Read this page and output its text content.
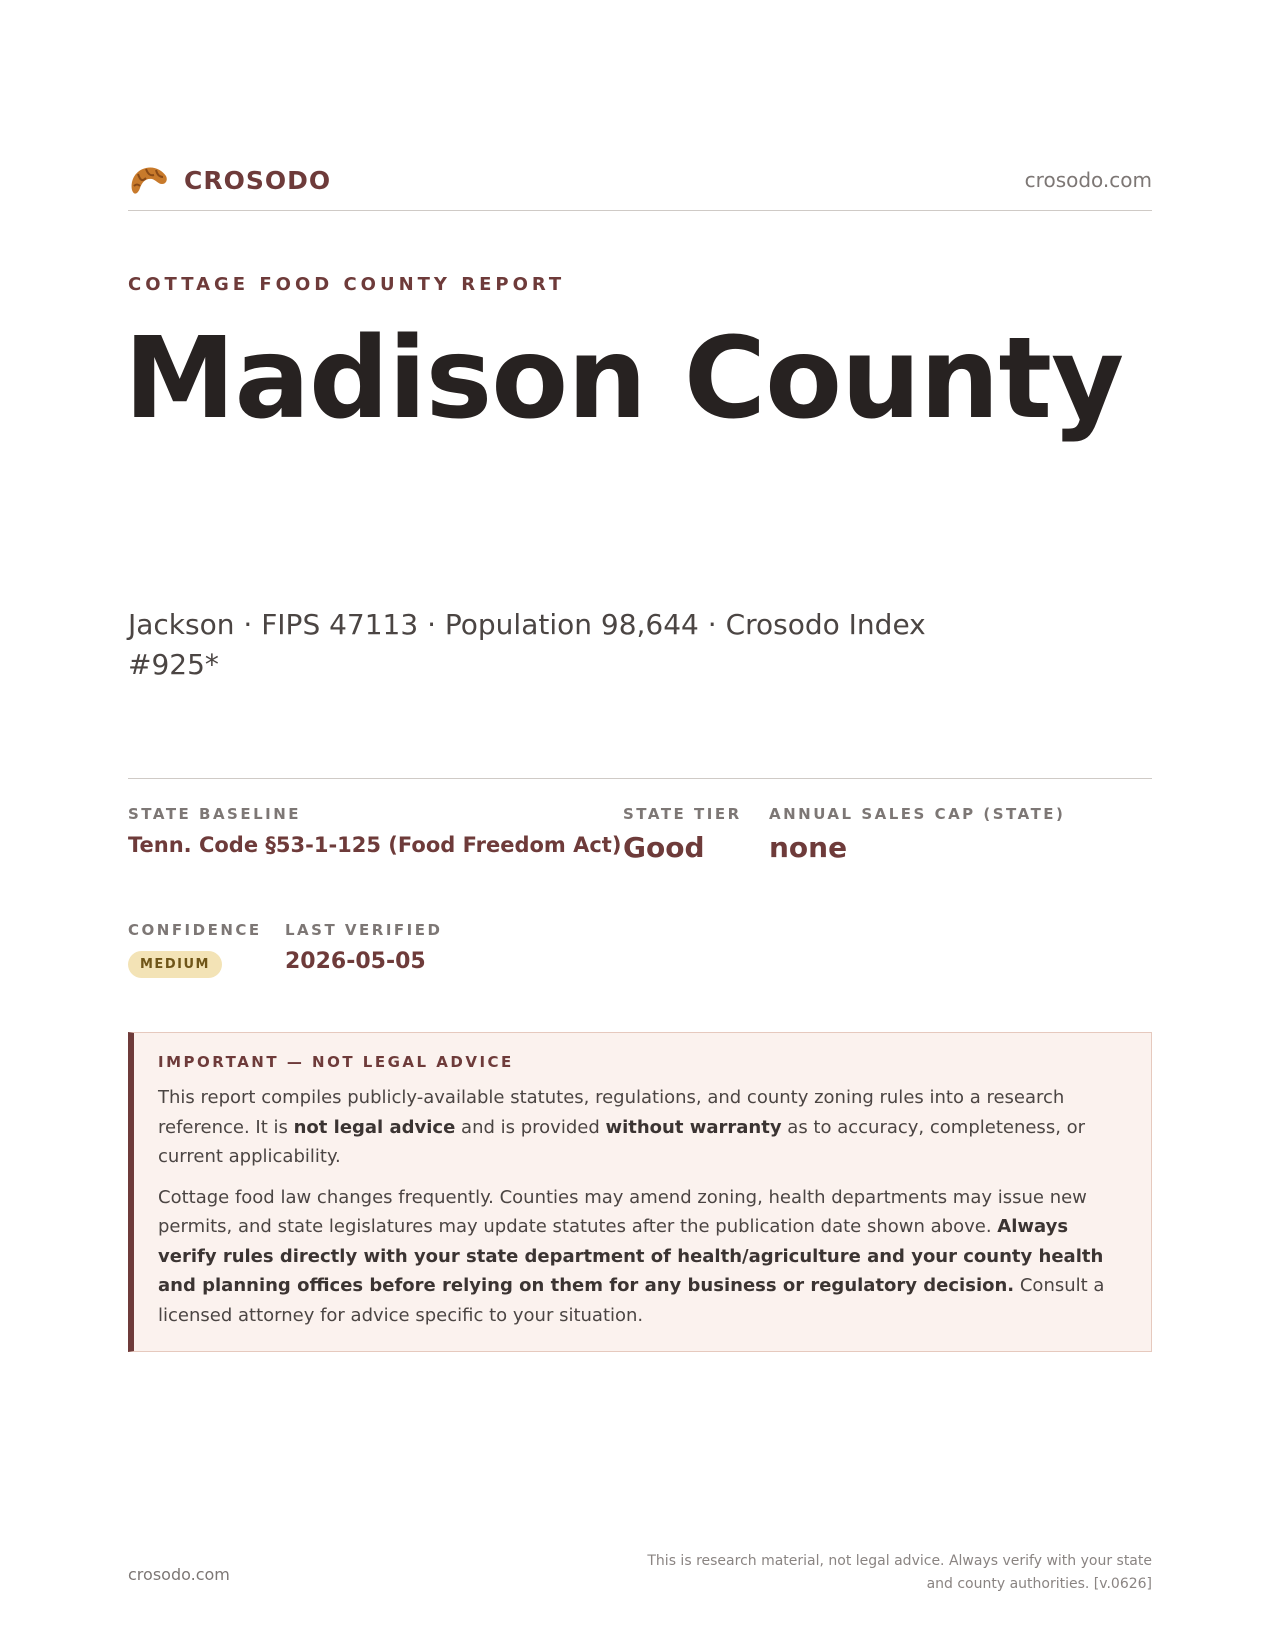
CROSODO	crosodo.com
COTTAGE FOOD COUNTY REPORT
Madison County
Jackson · FIPS 47113 · Population 98,644 · Crosodo Index #925*
STATE BASELINE
Tenn. Code §53-1-125 (Food Freedom Act)
STATE TIER
Good
ANNUAL SALES CAP (STATE)
none
CONFIDENCE
MEDIUM
LAST VERIFIED
2026-05-05
IMPORTANT — NOT LEGAL ADVICE

This report compiles publicly-available statutes, regulations, and county zoning rules into a research reference. It is not legal advice and is provided without warranty as to accuracy, completeness, or current applicability.

Cottage food law changes frequently. Counties may amend zoning, health departments may issue new permits, and state legislatures may update statutes after the publication date shown above. Always verify rules directly with your state department of health/agriculture and your county health and planning offices before relying on them for any business or regulatory decision. Consult a licensed attorney for advice specific to your situation.

crosodo.com
This is research material, not legal advice. Always verify with your state
and county authorities. [v.0626]
